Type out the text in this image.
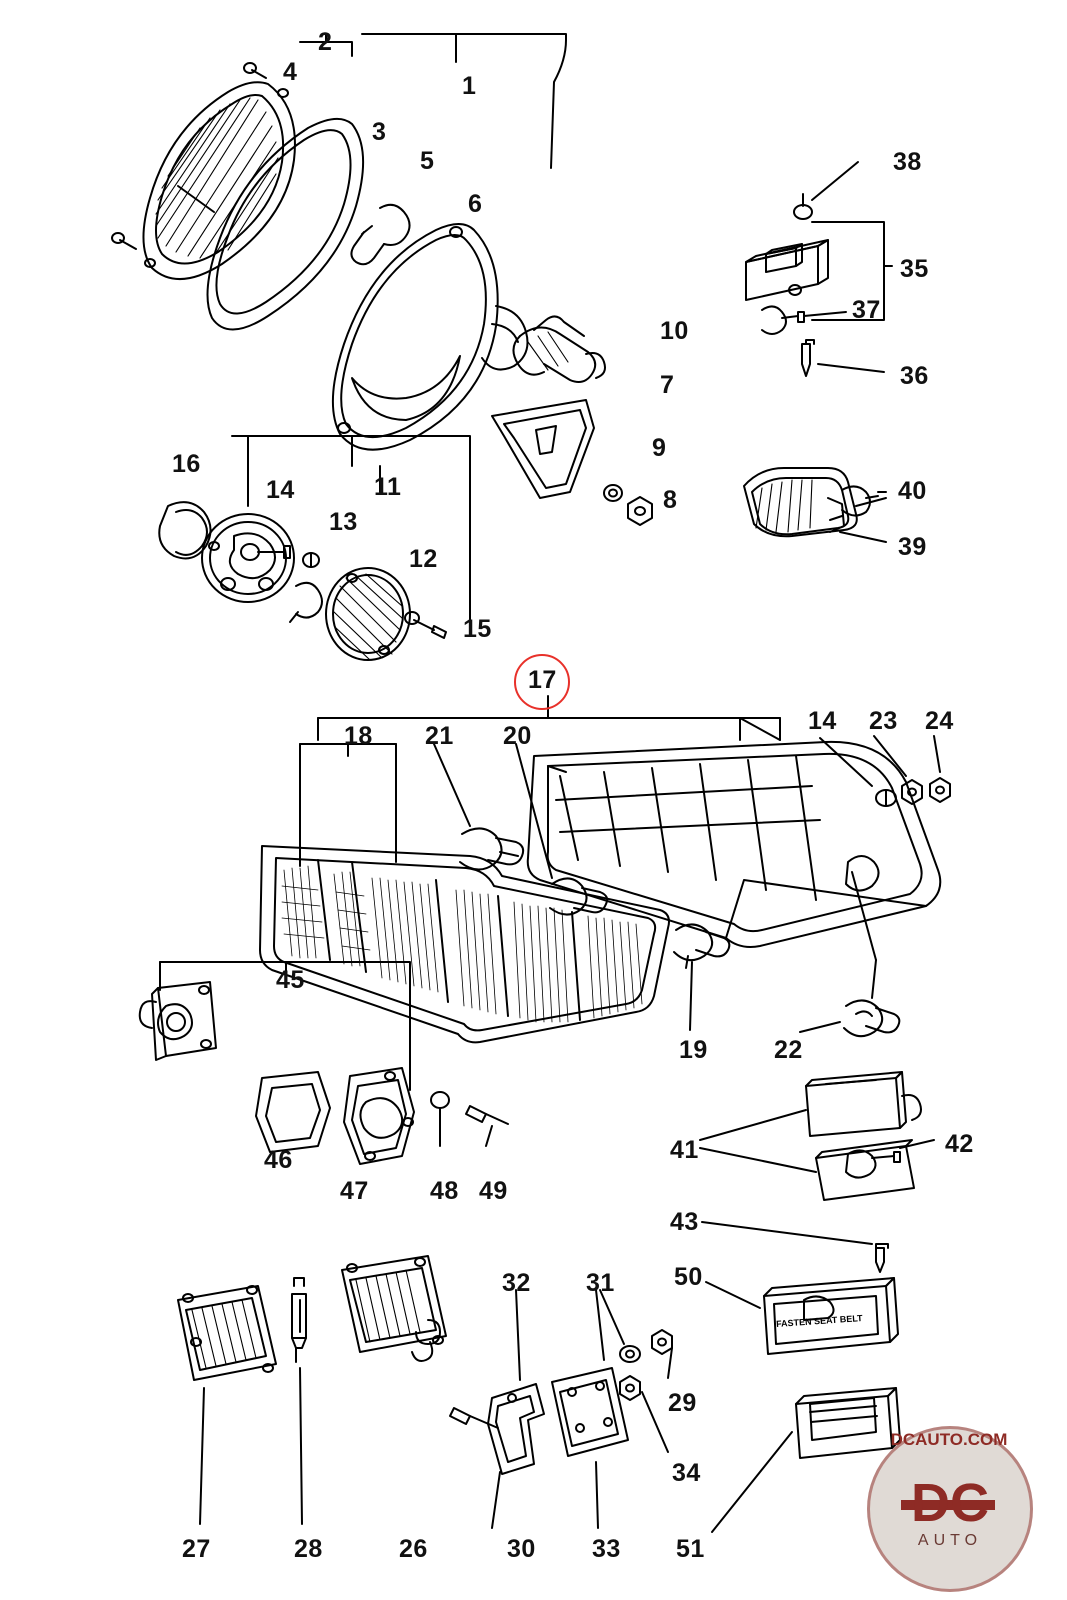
2
4	1
3
38
5
6
35
37
10
36
7
9
16
14	11	8	40
13
12	39
15
17
18 21 20
14 23 24
45
19	22
46
47 48 49
41	42
43
50
32 31
29
34
27	28	26	30 33 51
FASTEN SEAT BELT
DCAUTO.COM
DC
AUTO
